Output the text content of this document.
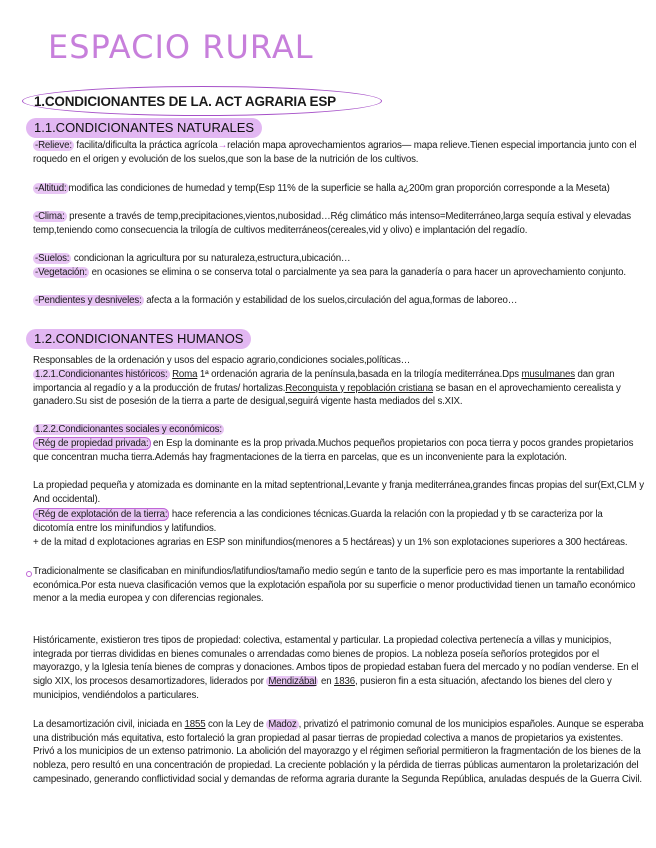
ESPACIO RURAL
1.CONDICIONANTES DE LA. ACT AGRARIA ESP
1.1.CONDICIONANTES NATURALES

-Relieve: facilita/dificulta la práctica agrícola→relación mapa aprovechamientos agrarios— mapa relieve.Tienen especial importancia junto con el roquedo en el origen y evolución de los suelos,que son la base de la nutrición de los cultivos.

-Altitud: modifica las condiciones de humedad y temp(Esp 11% de la superficie se halla a¿200m gran proporción corresponde a la Meseta)

-Clima: presente a través de temp,precipitaciones,vientos,nubosidad…Rég climático más intenso=Mediterráneo,larga sequía estival y elevadas temp,teniendo como consecuencia la trilogía de cultivos mediterráneos(cereales,vid y olivo) e implantación del regadío.

-Suelos: condicionan la agricultura por su naturaleza,estructura,ubicación…

-Vegetación: en ocasiones se elimina o se conserva total o parcialmente ya sea para la ganadería o para hacer un aprovechamiento conjunto.

-Pendientes y desniveles: afecta a la formación y estabilidad de los suelos,circulación del agua,formas de laboreo…

1.2.CONDICIONANTES HUMANOS

Responsables de la ordenación y usos del espacio agrario,condiciones sociales,políticas…

1.2.1.Condicionantes históricos: Roma 1ª ordenación agraria de la península,basada en la trilogía mediterránea.Dps musulmanes dan gran importancia al regadío y a la producción de frutas/ hortalizas.Reconquista y repoblación cristiana se basan en el aprovechamiento cerealista y ganadero.Su sist de posesión de la tierra a parte de desigual,seguirá vigente hasta mediados del s.XIX.

1.2.2.Condicionantes sociales y económicos:

-Rég de propiedad privada: en Esp la dominante es la prop privada.Muchos pequeños propietarios con poca tierra y pocos grandes propietarios que concentran mucha tierra.Además hay fragmentaciones de la tierra en parcelas, que es un inconveniente para la explotación.

La propiedad pequeña y atomizada es dominante en la mitad septentrional,Levante y franja mediterránea,grandes fincas propias del sur(Ext,CLM y And occidental).

-Rég de explotación de la tierra: hace referencia a las condiciones técnicas.Guarda la relación con la propiedad y tb se caracteriza por la dicotomía entre los minifundios y latifundios.

+ de la mitad d explotaciones agrarias en ESP son minifundios(menores a 5 hectáreas) y un 1% son explotaciones superiores a 300 hectáreas.

Tradicionalmente se clasificaban en minifundios/latifundios/tamaño medio según e tanto de la superficie pero es mas importante la rentabilidad económica.Por esta nueva clasificación vemos que la explotación española por su superficie o menor productividad tienen un tamaño económico menor a la media europea y con diferencias regionales.

Históricamente, existieron tres tipos de propiedad: colectiva, estamental y particular. La propiedad colectiva pertenecía a villas y municipios, integrada por tierras divididas en bienes comunales o arrendadas como bienes de propios. La nobleza poseía señoríos protegidos por el mayorazgo, y la Iglesia tenía bienes de compras y donaciones. Ambos tipos de propiedad estaban fuera del mercado y no podían venderse. En el siglo XIX, los procesos desamortizadores, liderados por Mendizábal en 1836, pusieron fin a esta situación, afectando los bienes del clero y municipios, vendiéndolos a particulares.

La desamortización civil, iniciada en 1855 con la Ley de Madoz , privatizó el patrimonio comunal de los municipios españoles. Aunque se esperaba una distribución más equitativa, esto fortaleció la gran propiedad al pasar tierras de propiedad colectiva a manos de propietarios ya existentes. Privó a los municipios de un extenso patrimonio. La abolición del mayorazgo y el régimen señorial permitieron la fragmentación de los bienes de la nobleza, pero resultó en una concentración de propiedad. La creciente población y la pérdida de tierras públicas aumentaron la proletarización del campesinado, generando conflictividad social y demandas de reforma agraria durante la Segunda República, anuladas después de la Guerra Civil.
